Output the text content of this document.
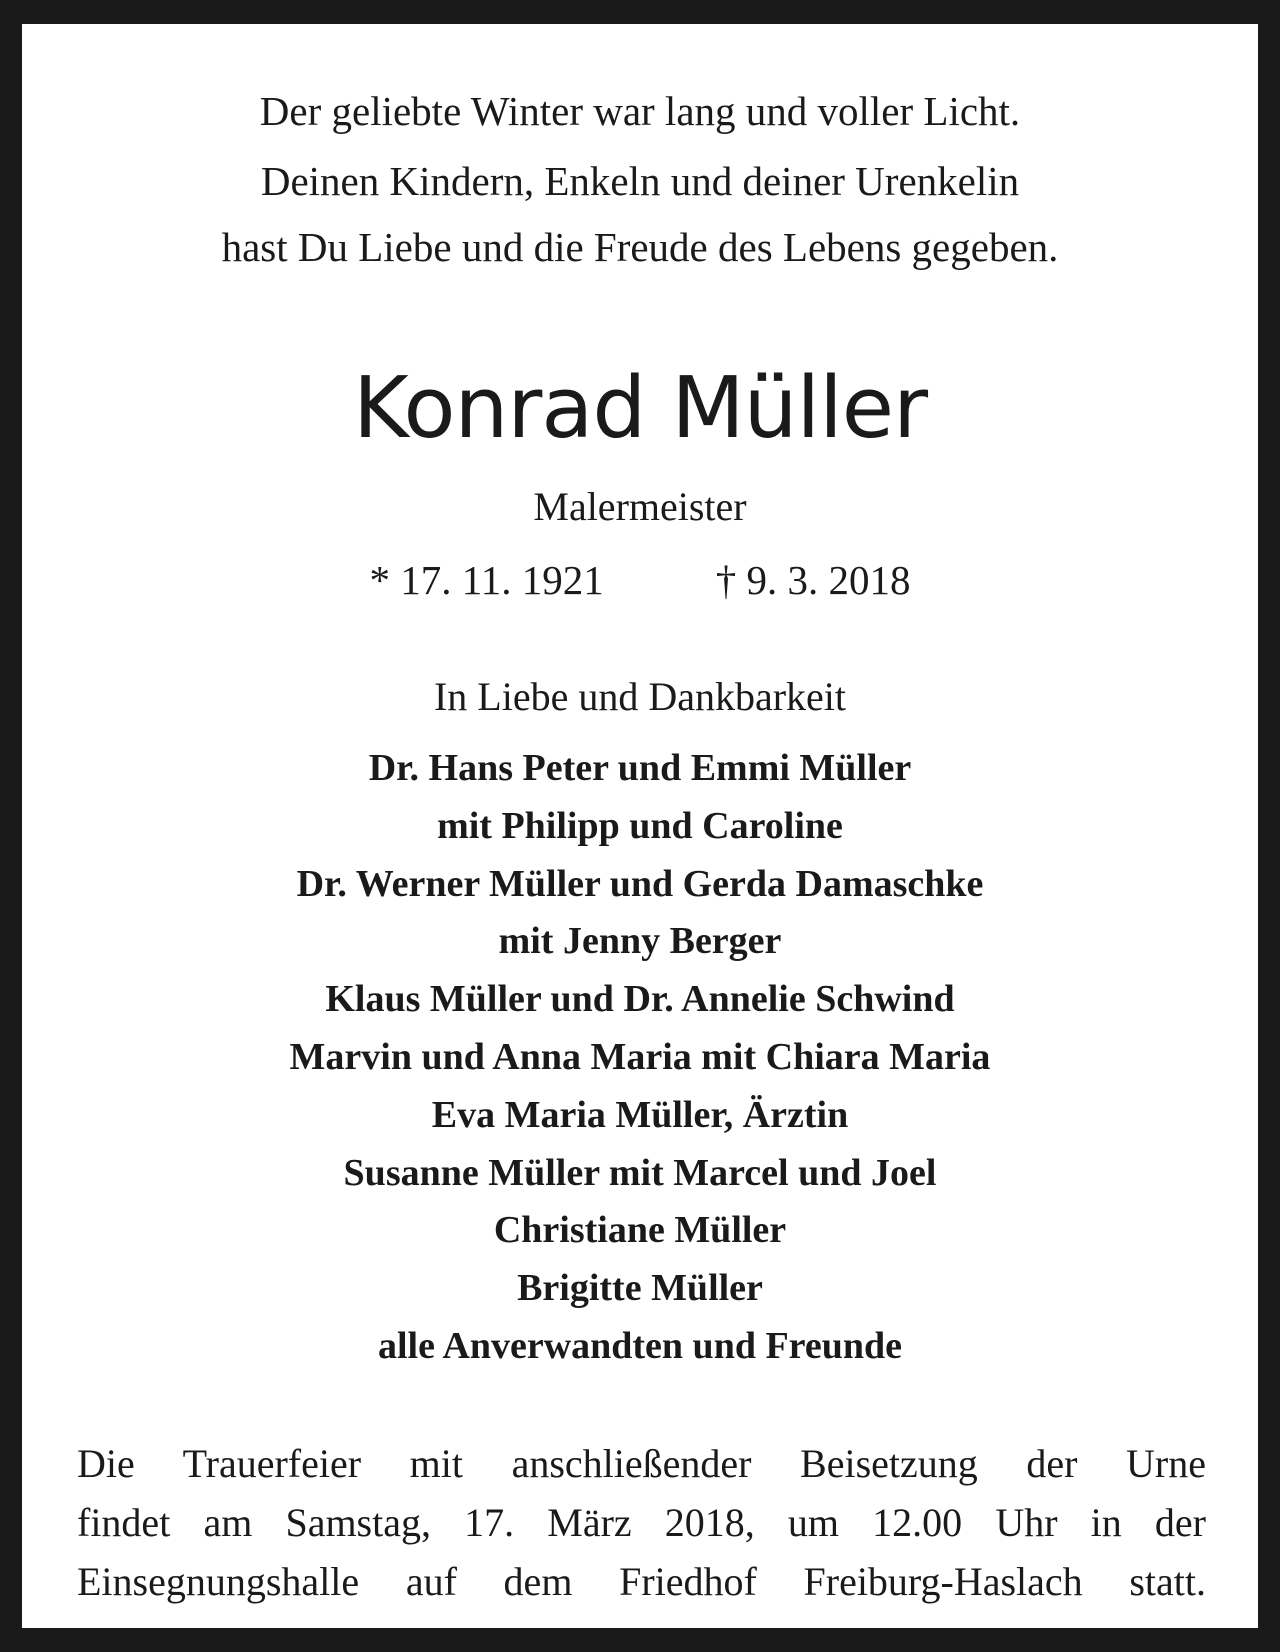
Der geliebte Winter war lang und voller Licht.

Deinen Kindern, Enkeln und deiner Urenkelin

hast Du Liebe und die Freude des Lebens gegeben.

Konrad Müller
Malermeister
* 17. 11. 1921	† 9. 3. 2018
In Liebe und Dankbarkeit
Dr. Hans Peter und Emmi Müller
mit Philipp und Caroline
Dr. Werner Müller und Gerda Damaschke
mit Jenny Berger
Klaus Müller und Dr. Annelie Schwind
Marvin und Anna Maria mit Chiara Maria
Eva Maria Müller, Ärztin
Susanne Müller mit Marcel und Joel
Christiane Müller
Brigitte Müller
alle Anverwandten und Freunde
Die Trauerfeier mit anschließender Beisetzung der Urne
findet am Samstag, 17. März 2018, um 12.00 Uhr in der
Einsegnungshalle auf dem Friedhof Freiburg-Haslach statt.
